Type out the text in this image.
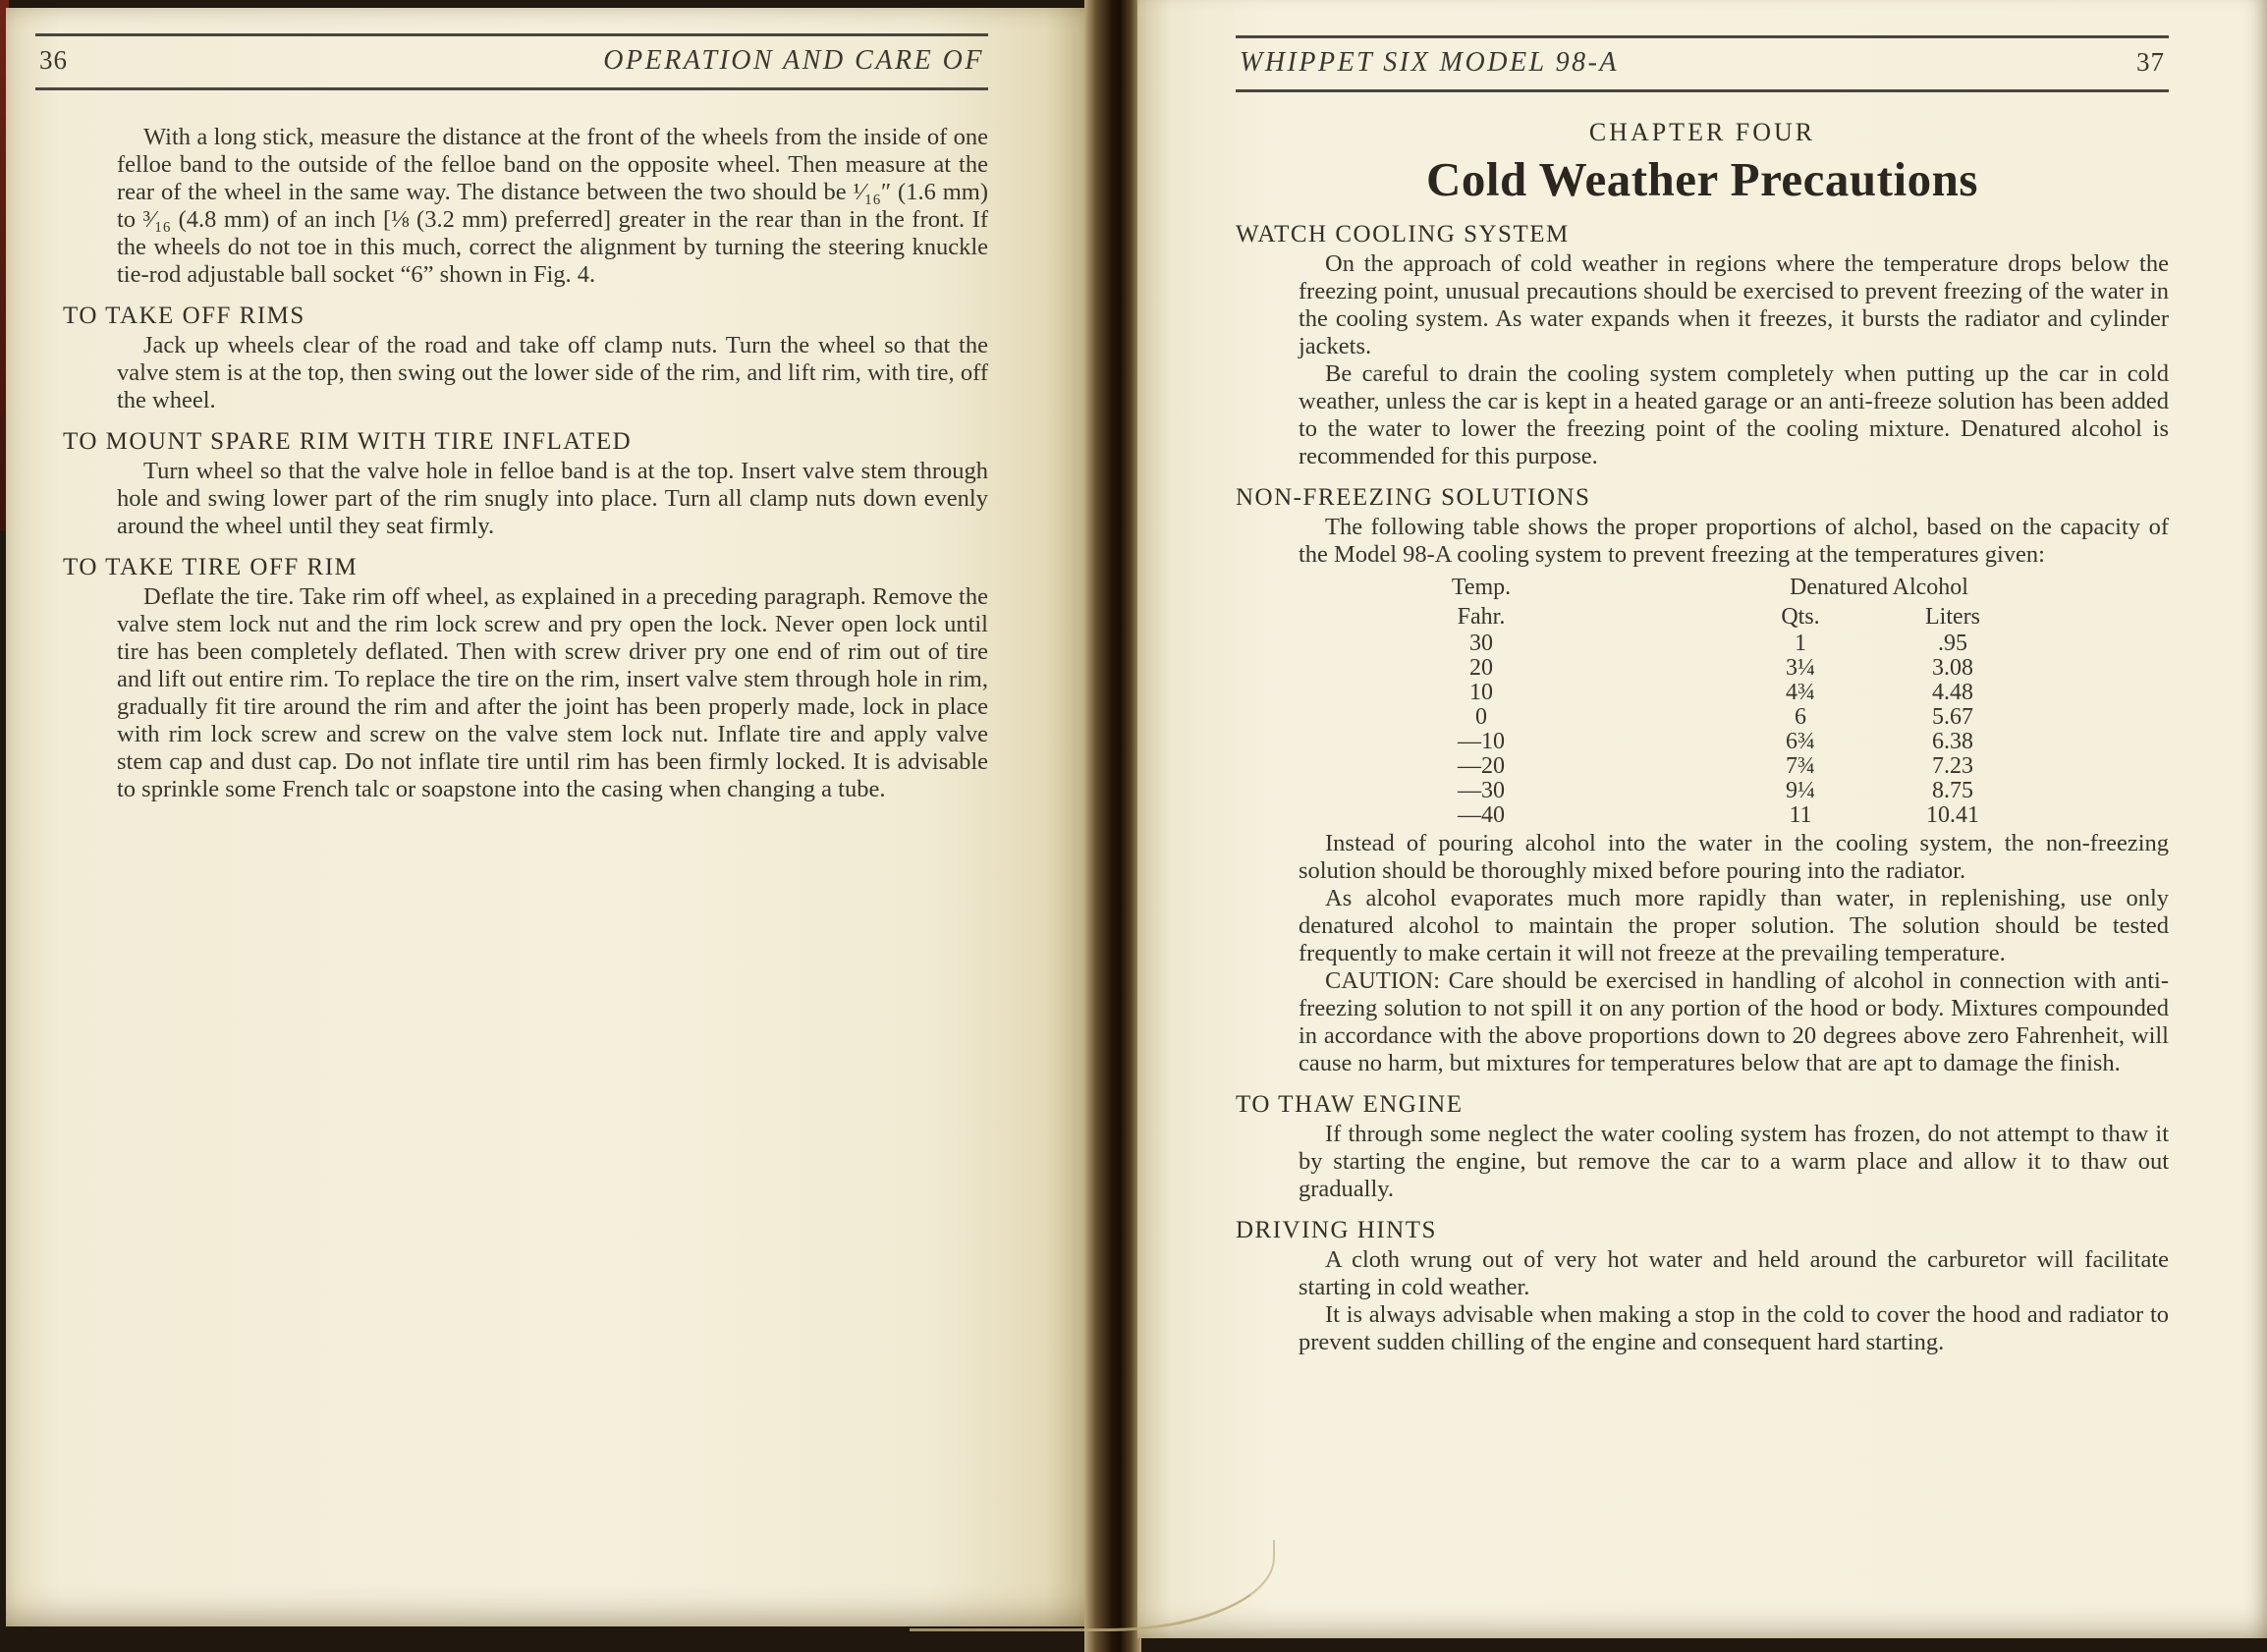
36	OPERATION AND CARE OF

With a long stick, measure the distance at the front of the wheels from the inside of one felloe band to the outside of the felloe band on the opposite wheel. Then measure at the rear of the wheel in the same way. The distance between the two should be ¹⁄₁₆″ (1.6 mm) to ³⁄₁₆ (4.8 mm) of an inch [⅛ (3.2 mm) preferred] greater in the rear than in the front. If the wheels do not toe in this much, correct the alignment by turning the steering knuckle tie-rod adjustable ball socket “6” shown in Fig. 4.

TO TAKE OFF RIMS

Jack up wheels clear of the road and take off clamp nuts. Turn the wheel so that the valve stem is at the top, then swing out the lower side of the rim, and lift rim, with tire, off the wheel.

TO MOUNT SPARE RIM WITH TIRE INFLATED

Turn wheel so that the valve hole in felloe band is at the top. Insert valve stem through hole and swing lower part of the rim snugly into place. Turn all clamp nuts down evenly around the wheel until they seat firmly.

TO TAKE TIRE OFF RIM

Deflate the tire. Take rim off wheel, as explained in a preceding paragraph. Remove the valve stem lock nut and the rim lock screw and pry open the lock. Never open lock until tire has been completely deflated. Then with screw driver pry one end of rim out of tire and lift out entire rim. To replace the tire on the rim, insert valve stem through hole in rim, gradually fit tire around the rim and after the joint has been properly made, lock in place with rim lock screw and screw on the valve stem lock nut. Inflate tire and apply valve stem cap and dust cap. Do not inflate tire until rim has been firmly locked. It is advisable to sprinkle some French talc or soapstone into the casing when changing a tube.

WHIPPET SIX MODEL 98-A	37
CHAPTER FOUR
Cold Weather Precautions
WATCH COOLING SYSTEM

On the approach of cold weather in regions where the temperature drops below the freezing point, unusual precautions should be exercised to prevent freezing of the water in the cooling system. As water expands when it freezes, it bursts the radiator and cylinder jackets.

Be careful to drain the cooling system completely when putting up the car in cold weather, unless the car is kept in a heated garage or an anti-freeze solution has been added to the water to lower the freezing point of the cooling mixture. Denatured alcohol is recommended for this purpose.

NON-FREEZING SOLUTIONS

The following table shows the proper proportions of alchol, based on the capacity of the Model 98-A cooling system to prevent freezing at the temperatures given:

Temp.	Denatured Alcohol
Fahr.	Qts.	Liters
30	1	.95
20	3¼	3.08
10	4¾	4.48
0	6	5.67
—10	6¾	6.38
—20	7¾	7.23
—30	9¼	8.75
—40	11	10.41

Instead of pouring alcohol into the water in the cooling system, the non-freezing solution should be thoroughly mixed before pouring into the radiator.

As alcohol evaporates much more rapidly than water, in replenishing, use only denatured alcohol to maintain the proper solution. The solution should be tested frequently to make certain it will not freeze at the prevailing temperature.

CAUTION: Care should be exercised in handling of alcohol in connection with anti-freezing solution to not spill it on any portion of the hood or body. Mixtures compounded in accordance with the above proportions down to 20 degrees above zero Fahrenheit, will cause no harm, but mixtures for temperatures below that are apt to damage the finish.

TO THAW ENGINE

If through some neglect the water cooling system has frozen, do not attempt to thaw it by starting the engine, but remove the car to a warm place and allow it to thaw out gradually.

DRIVING HINTS

A cloth wrung out of very hot water and held around the carburetor will facilitate starting in cold weather.

It is always advisable when making a stop in the cold to cover the hood and radiator to prevent sudden chilling of the engine and consequent hard starting.
